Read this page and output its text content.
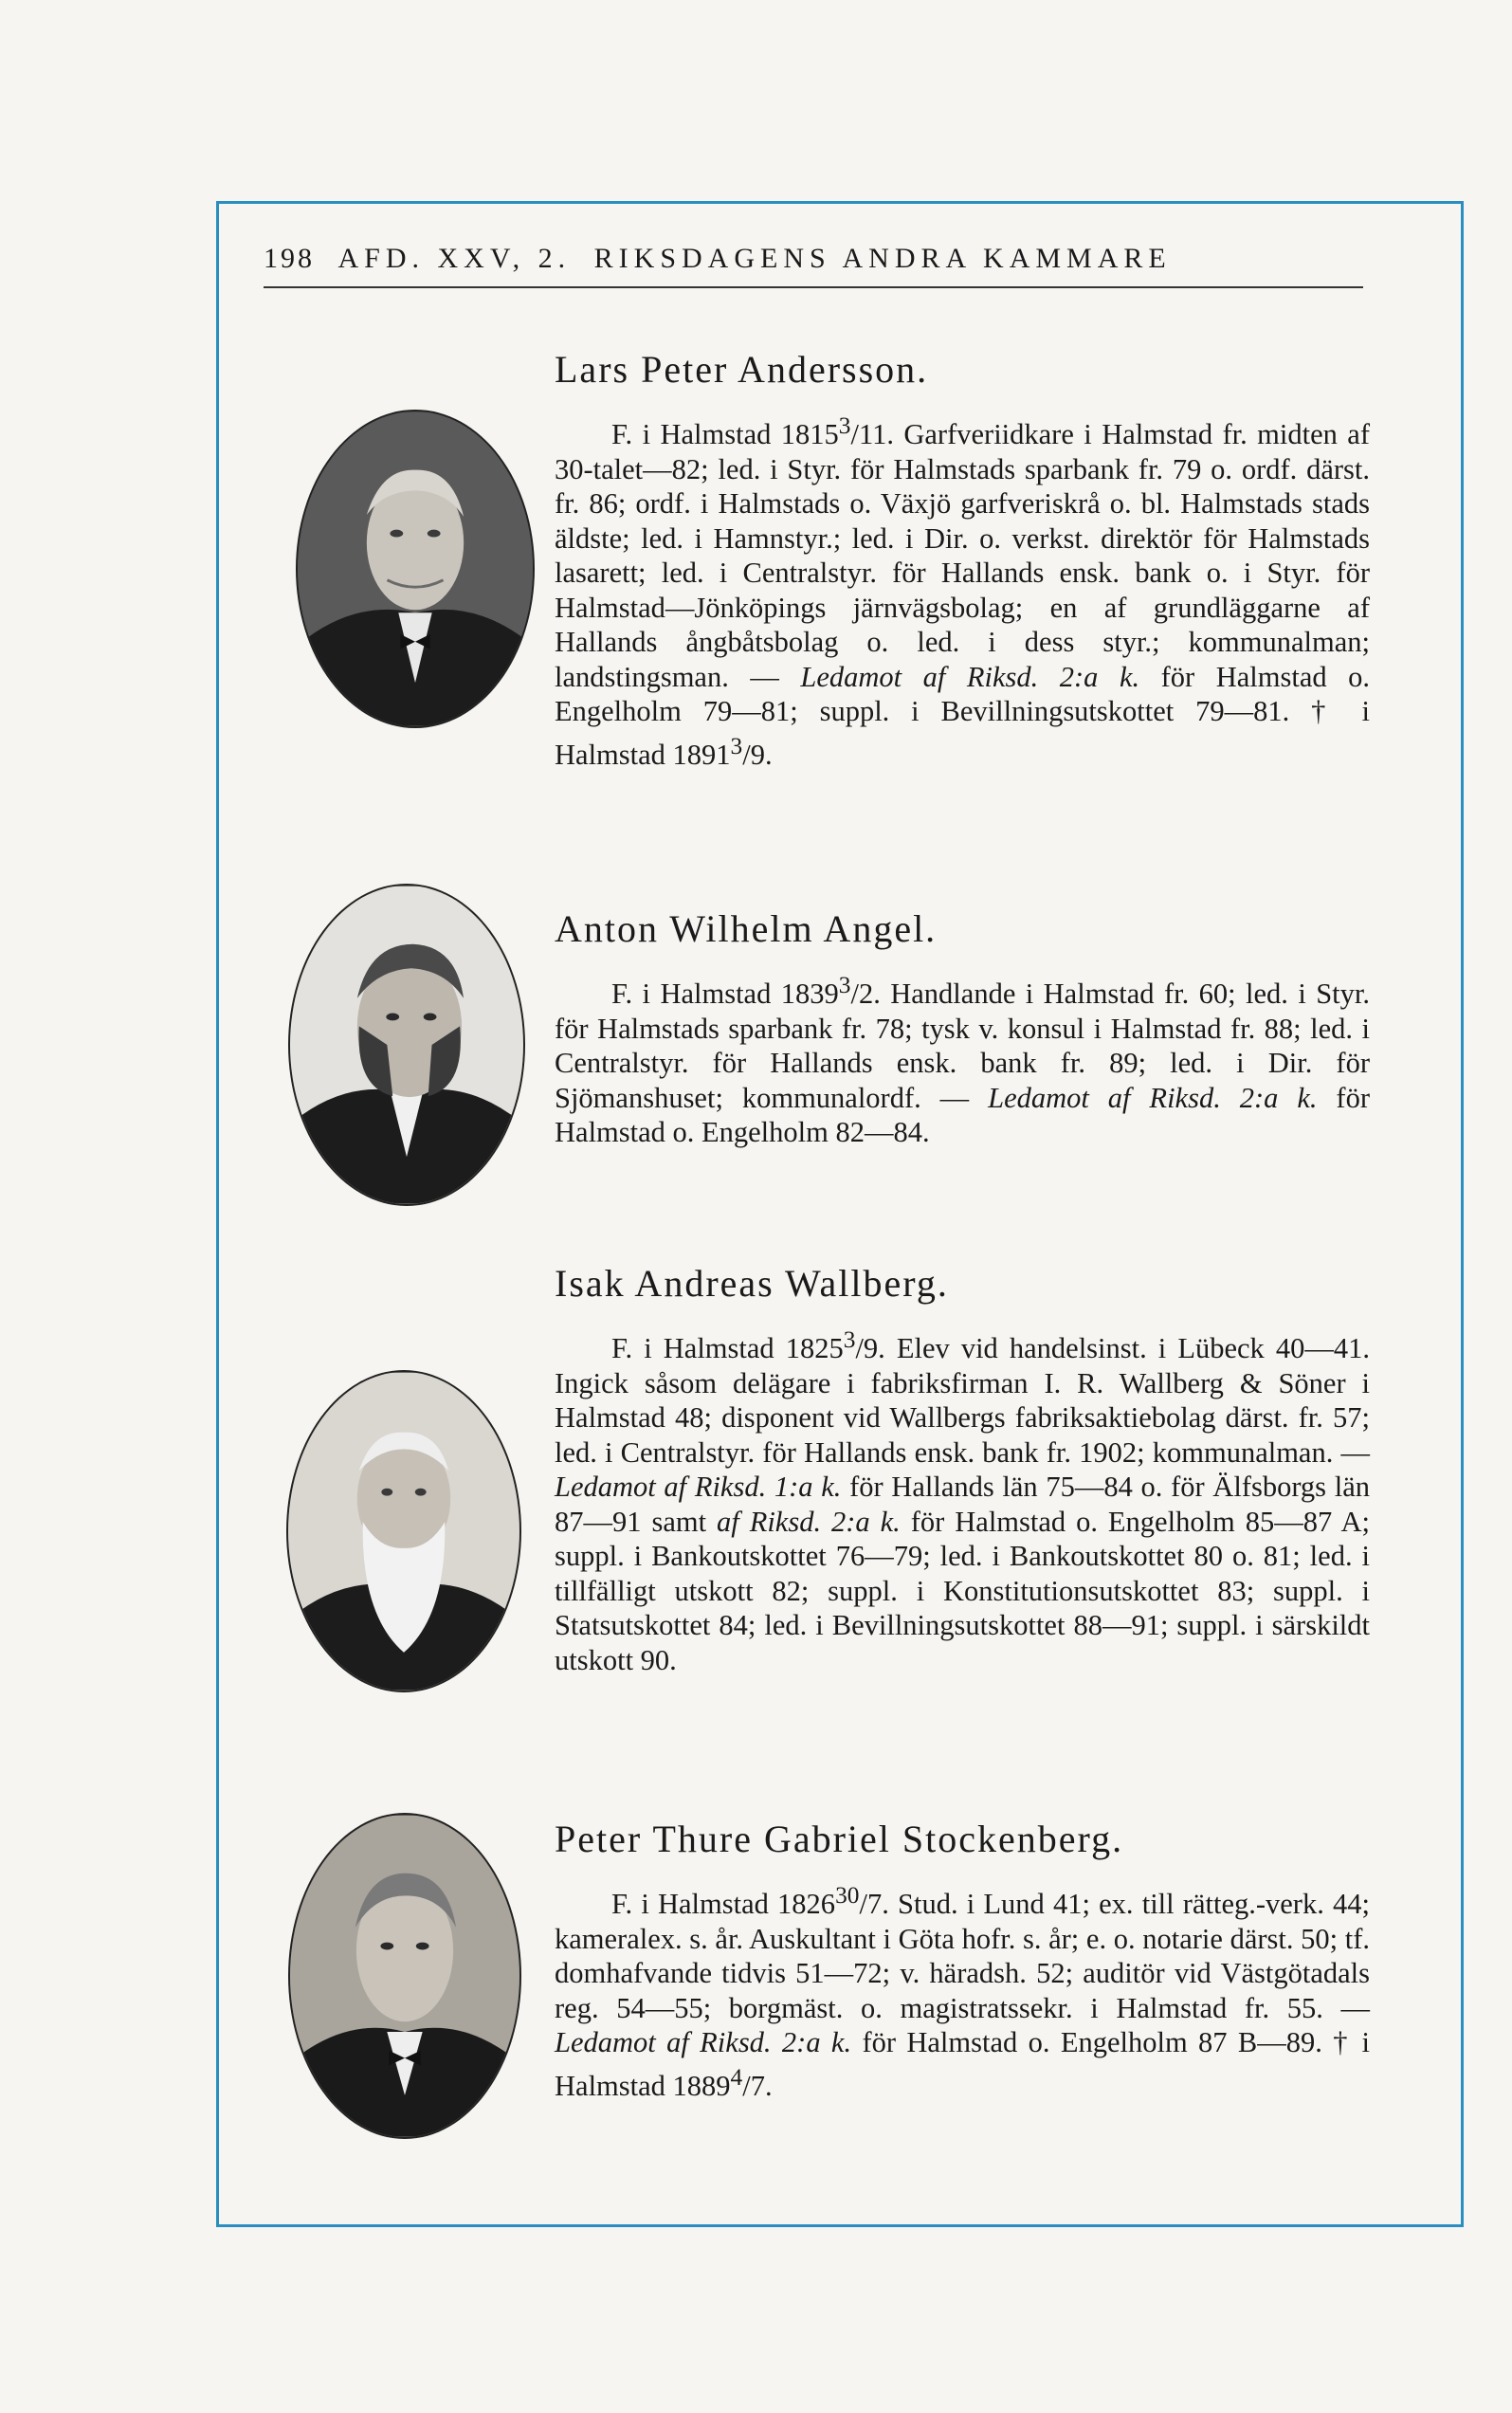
198 AFD. XXV, 2. RIKSDAGENS ANDRA KAMMARE
Lars Peter Andersson.

F. i Halmstad 1815$^3$/11. Garfveriidkare i Halmstad fr. midten af 30-talet—82; led. i Styr. för Halmstads sparbank fr. 79 o. ordf. därst. fr. 86; ordf. i Halmstads o. Växjö garfveriskrå o. bl. Halmstads stads äldste; led. i Hamnstyr.; led. i Dir. o. verkst. direktör för Halmstads lasarett; led. i Centralstyr. för Hallands ensk. bank o. i Styr. för Halmstad—Jönköpings järnvägsbolag; en af grundläggarne af Hallands ångbåtsbolag o. led. i dess styr.; kommunalman; landstingsman. — Ledamot af Riksd. 2:a k. för Halmstad o. Engelholm 79—81; suppl. i Bevillningsutskottet 79—81. † i Halmstad 1891$^3$/9.

Anton Wilhelm Angel.

F. i Halmstad 1839$^3$/2. Handlande i Halmstad fr. 60; led. i Styr. för Halmstads sparbank fr. 78; tysk v. konsul i Halmstad fr. 88; led. i Centralstyr. för Hallands ensk. bank fr. 89; led. i Dir. för Sjömanshuset; kommunalordf. — Ledamot af Riksd. 2:a k. för Halmstad o. Engelholm 82—84.

Isak Andreas Wallberg.

F. i Halmstad 1825$^3$/9. Elev vid handelsinst. i Lübeck 40—41. Ingick såsom delägare i fabriksfirman I. R. Wallberg & Söner i Halmstad 48; disponent vid Wallbergs fabriksaktiebolag därst. fr. 57; led. i Centralstyr. för Hallands ensk. bank fr. 1902; kommunalman. — Ledamot af Riksd. 1:a k. för Hallands län 75—84 o. för Älfsborgs län 87—91 samt af Riksd. 2:a k. för Halmstad o. Engelholm 85—87 A; suppl. i Bankoutskottet 76—79; led. i Bankoutskottet 80 o. 81; led. i tillfälligt utskott 82; suppl. i Konstitutionsutskottet 83; suppl. i Statsutskottet 84; led. i Bevillningsutskottet 88—91; suppl. i särskildt utskott 90.

Peter Thure Gabriel Stockenberg.

F. i Halmstad 1826$^{30}$/7. Stud. i Lund 41; ex. till rätteg.-verk. 44; kameralex. s. år. Auskultant i Göta hofr. s. år; e. o. notarie därst. 50; tf. domhafvande tidvis 51—72; v. häradsh. 52; auditör vid Västgötadals reg. 54—55; borgmäst. o. magistratssekr. i Halmstad fr. 55. — Ledamot af Riksd. 2:a k. för Halmstad o. Engelholm 87 B—89. † i Halmstad 1889$^4$/7.
